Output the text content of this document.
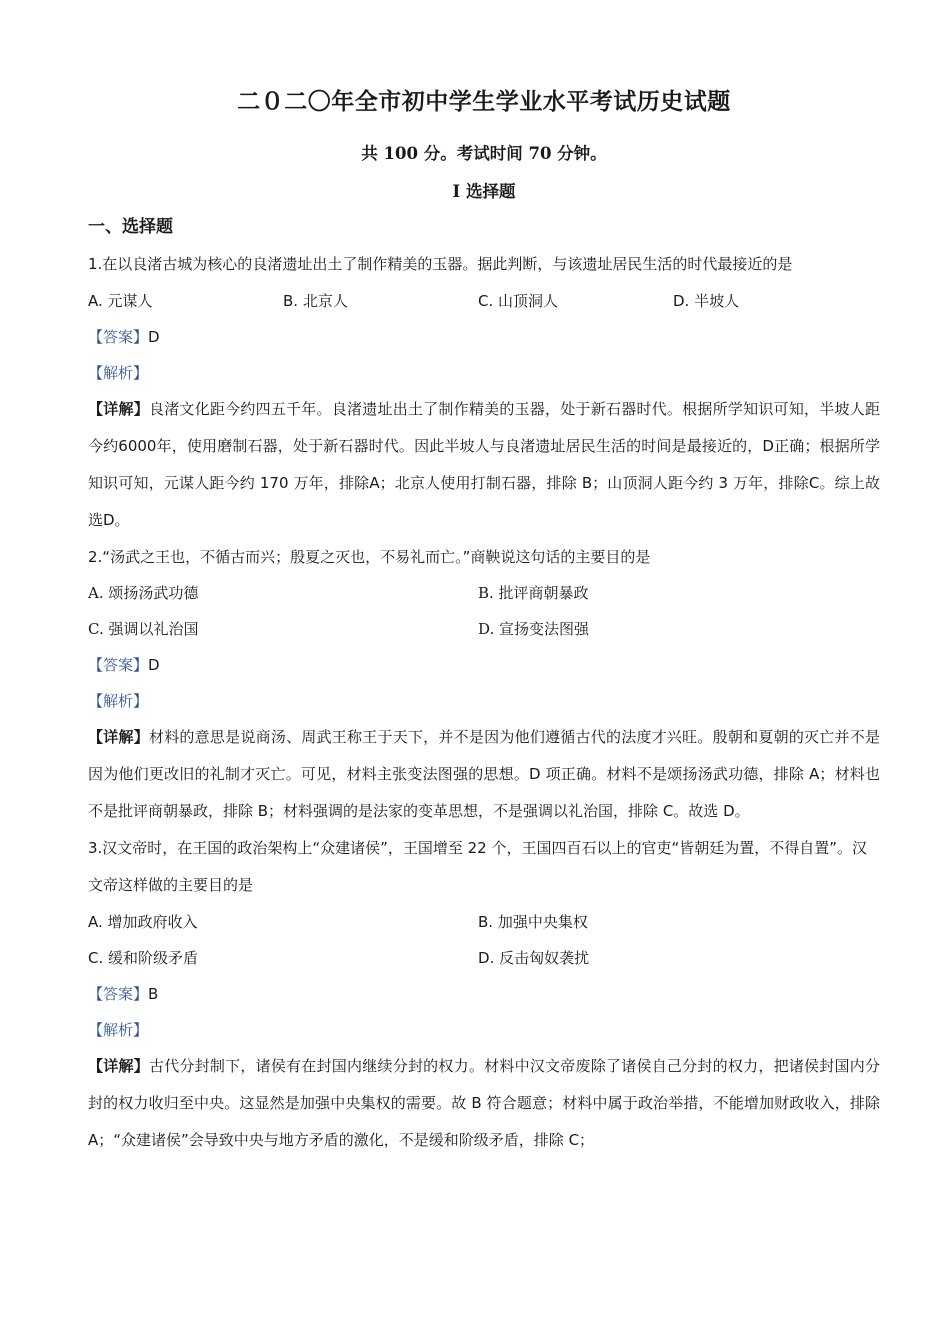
二０二〇年全市初中学生学业水平考试历史试题
共 100 分。考试时间 70 分钟。
I 选择题
一、选择题

1.在以良渚古城为核心的良渚遗址出土了制作精美的玉器。据此判断，与该遗址居民生活的时代最接近的是

A. 元谋人	B. 北京人	C. 山顶洞人	D. 半坡人

【答案】D

【解析】

【详解】良渚文化距今约四五千年。良渚遗址出土了制作精美的玉器，处于新石器时代。根据所学知识可知，半坡人距今约6000年，使用磨制石器，处于新石器时代。因此半坡人与良渚遗址居民生活的时间是最接近的，D正确；根据所学知识可知，元谋人距今约 170 万年，排除A；北京人使用打制石器，排除 B；山顶洞人距今约 3 万年，排除C。综上故选D。

2.“汤武之王也，不循古而兴；殷夏之灭也，不易礼而亡。”商鞅说这句话的主要目的是

A. 颂扬汤武功德	B. 批评商朝暴政
C. 强调以礼治国	D. 宣扬变法图强

【答案】D

【解析】

【详解】材料的意思是说商汤、周武王称王于天下，并不是因为他们遵循古代的法度才兴旺。殷朝和夏朝的灭亡并不是因为他们更改旧的礼制才灭亡。可见，材料主张变法图强的思想。D 项正确。材料不是颂扬汤武功德，排除 A；材料也不是批评商朝暴政，排除 B；材料强调的是法家的变革思想，不是强调以礼治国，排除 C。故选 D。

3.汉文帝时，在王国的政治架构上“众建诸侯”，王国增至 22 个，王国四百石以上的官吏“皆朝廷为置，不得自置”。汉文帝这样做的主要目的是

A. 增加政府收入	B. 加强中央集权
C. 缓和阶级矛盾	D. 反击匈奴袭扰

【答案】B

【解析】

【详解】古代分封制下，诸侯有在封国内继续分封的权力。材料中汉文帝废除了诸侯自己分封的权力，把诸侯封国内分封的权力收归至中央。这显然是加强中央集权的需要。故 B 符合题意；材料中属于政治举措，不能增加财政收入，排除 A；“众建诸侯”会导致中央与地方矛盾的激化，不是缓和阶级矛盾，排除 C；
